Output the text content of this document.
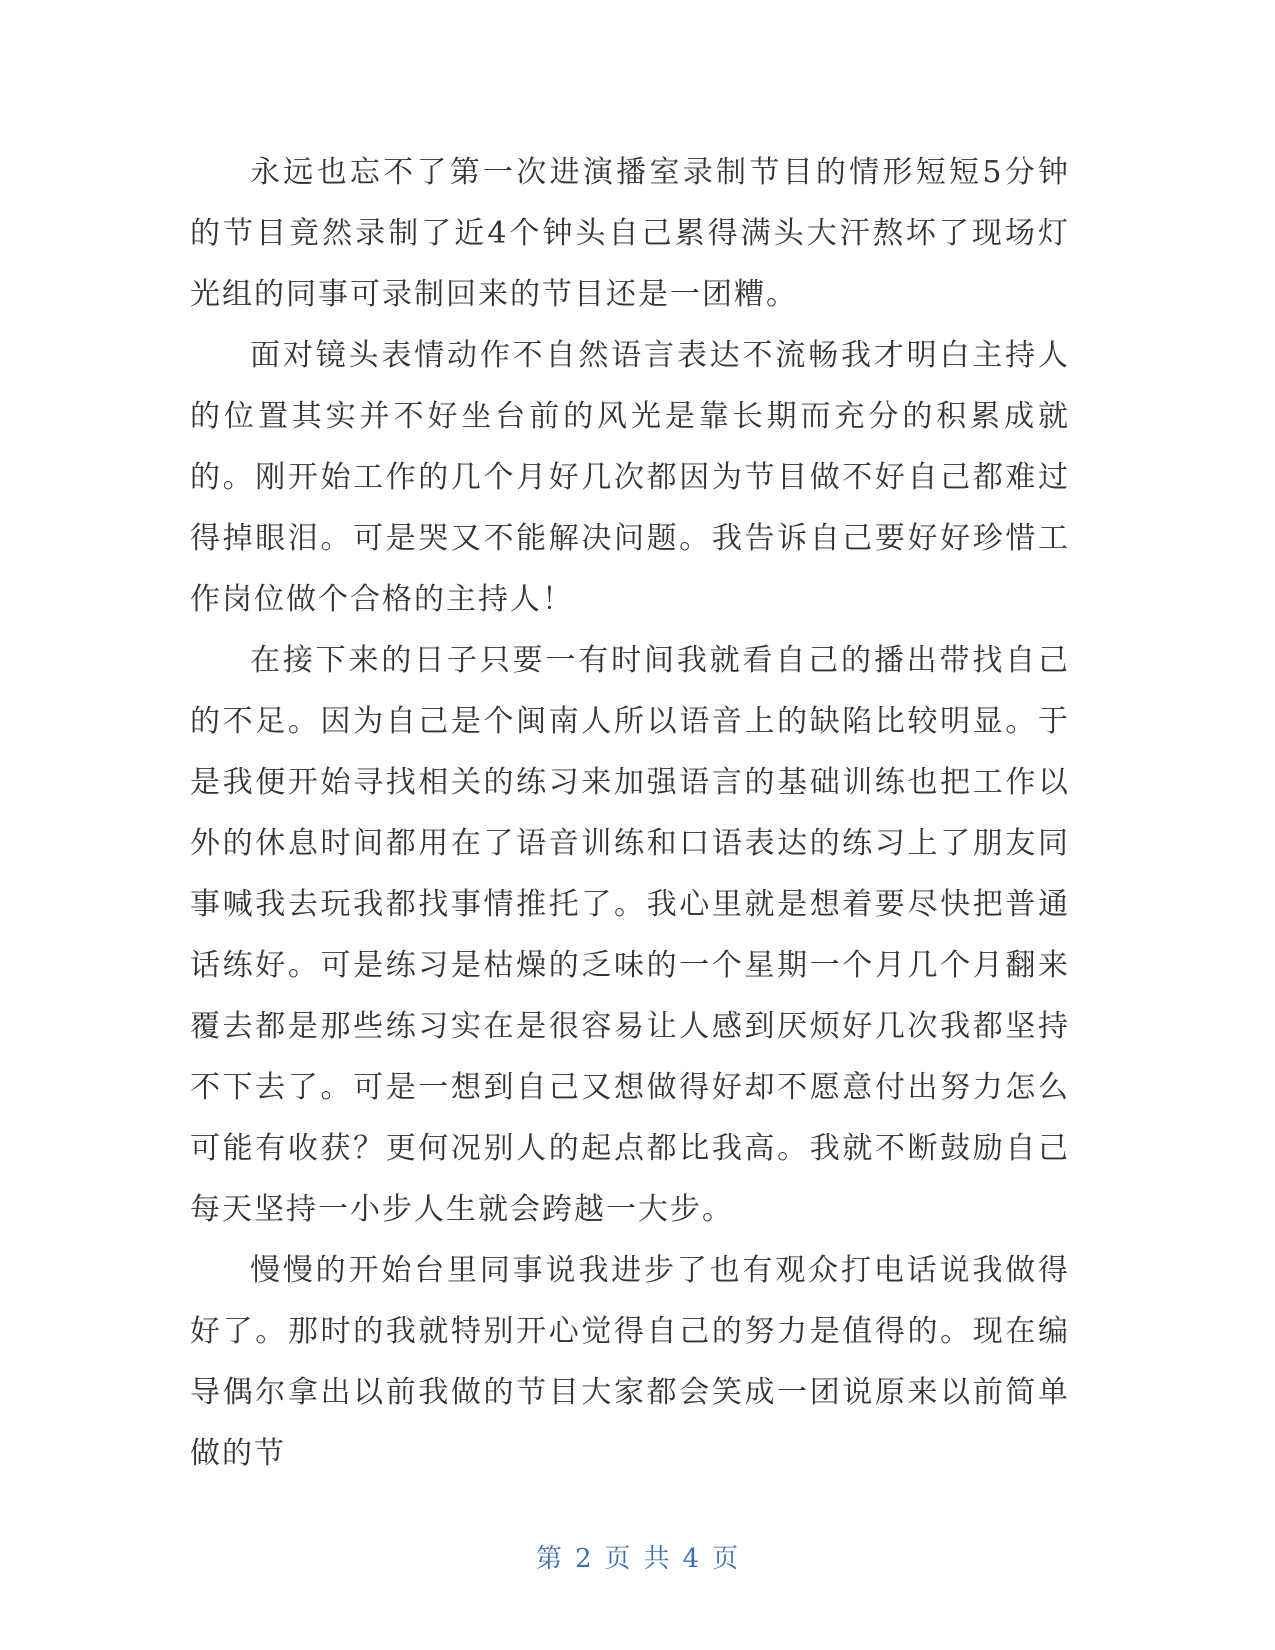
永远也忘不了第一次进演播室录制节目的情形短短5分钟的节目竟然录制了近4个钟头自己累得满头大汗熬坏了现场灯光组的同事可录制回来的节目还是一团糟。

面对镜头表情动作不自然语言表达不流畅我才明白主持人的位置其实并不好坐台前的风光是靠长期而充分的积累成就的。刚开始工作的几个月好几次都因为节目做不好自己都难过得掉眼泪。可是哭又不能解决问题。我告诉自己要好好珍惜工作岗位做个合格的主持人！

在接下来的日子只要一有时间我就看自己的播出带找自己的不足。因为自己是个闽南人所以语音上的缺陷比较明显。于是我便开始寻找相关的练习来加强语言的基础训练也把工作以外的休息时间都用在了语音训练和口语表达的练习上了朋友同事喊我去玩我都找事情推托了。我心里就是想着要尽快把普通话练好。可是练习是枯燥的乏味的一个星期一个月几个月翻来覆去都是那些练习实在是很容易让人感到厌烦好几次我都坚持不下去了。可是一想到自己又想做得好却不愿意付出努力怎么可能有收获？更何况别人的起点都比我高。我就不断鼓励自己每天坚持一小步人生就会跨越一大步。

慢慢的开始台里同事说我进步了也有观众打电话说我做得好了。那时的我就特别开心觉得自己的努力是值得的。现在编导偶尔拿出以前我做的节目大家都会笑成一团说原来以前简单做的节

第 2 页 共 4 页
